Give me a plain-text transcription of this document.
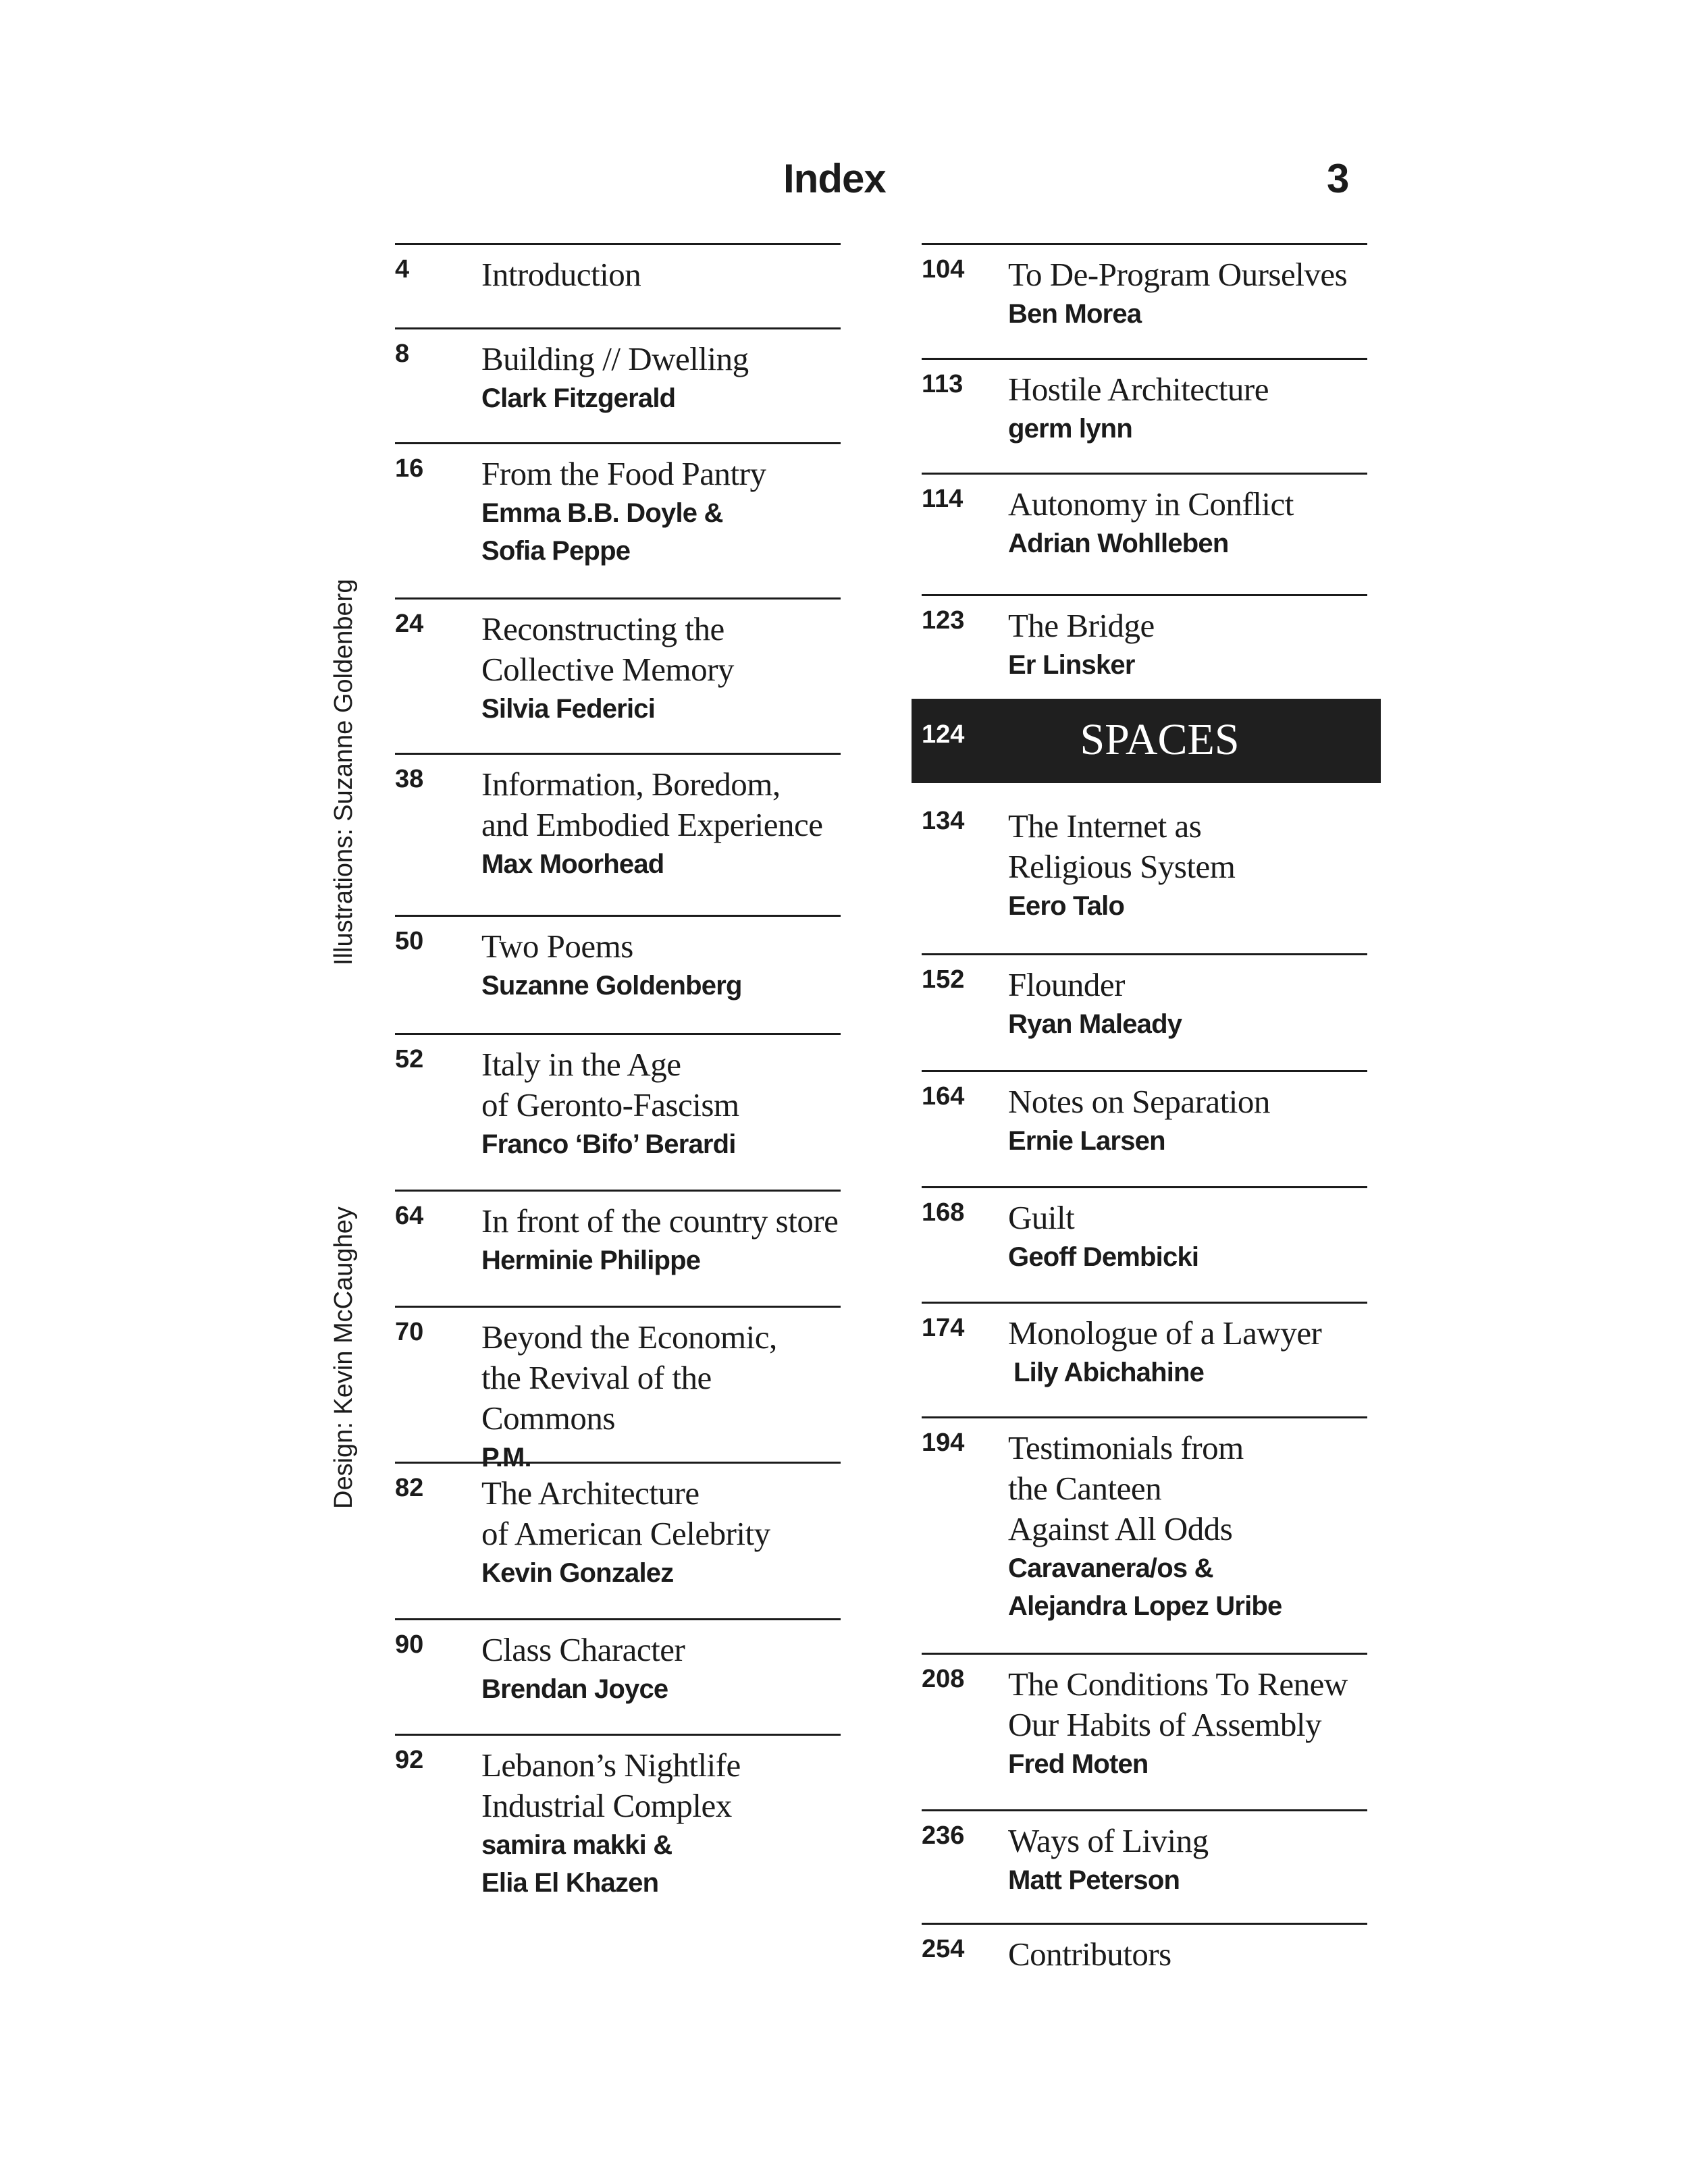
Index	3
Illustrations: Suzanne Goldenberg
Design: Kevin McCaughey
4 Introduction
8 Building // Dwelling
Clark Fitzgerald
16 From the Food Pantry
Emma B.B. Doyle &
Sofia Peppe
24 Reconstructing the
Collective Memory
Silvia Federici
38 Information, Boredom,
and Embodied Experience
Max Moorhead
50 Two Poems
Suzanne Goldenberg
52 Italy in the Age
of Geronto-Fascism
Franco ‘Bifo’ Berardi
64 In front of the country store
Herminie Philippe
70 Beyond the Economic,
the Revival of the Commons
P.M.
82 The Architecture
of American Celebrity
Kevin Gonzalez
90 Class Character
Brendan Joyce
92 Lebanon’s Nightlife
Industrial Complex
samira makki &
Elia El Khazen
104 To De-Program Ourselves
Ben Morea
113 Hostile Architecture
germ lynn
114 Autonomy in Conflict
Adrian Wohlleben
123 The Bridge
Er Linsker
134 The Internet as
Religious System
Eero Talo
152 Flounder
Ryan Maleady
164 Notes on Separation
Ernie Larsen
168 Guilt
Geoff Dembicki
174 Monologue of a Lawyer
Lily Abichahine
194 Testimonials from
the Canteen
Against All Odds
Caravanera/os &
Alejandra Lopez Uribe
208 The Conditions To Renew
Our Habits of Assembly
Fred Moten
236 Ways of Living
Matt Peterson
254 Contributors
124	SPACES
